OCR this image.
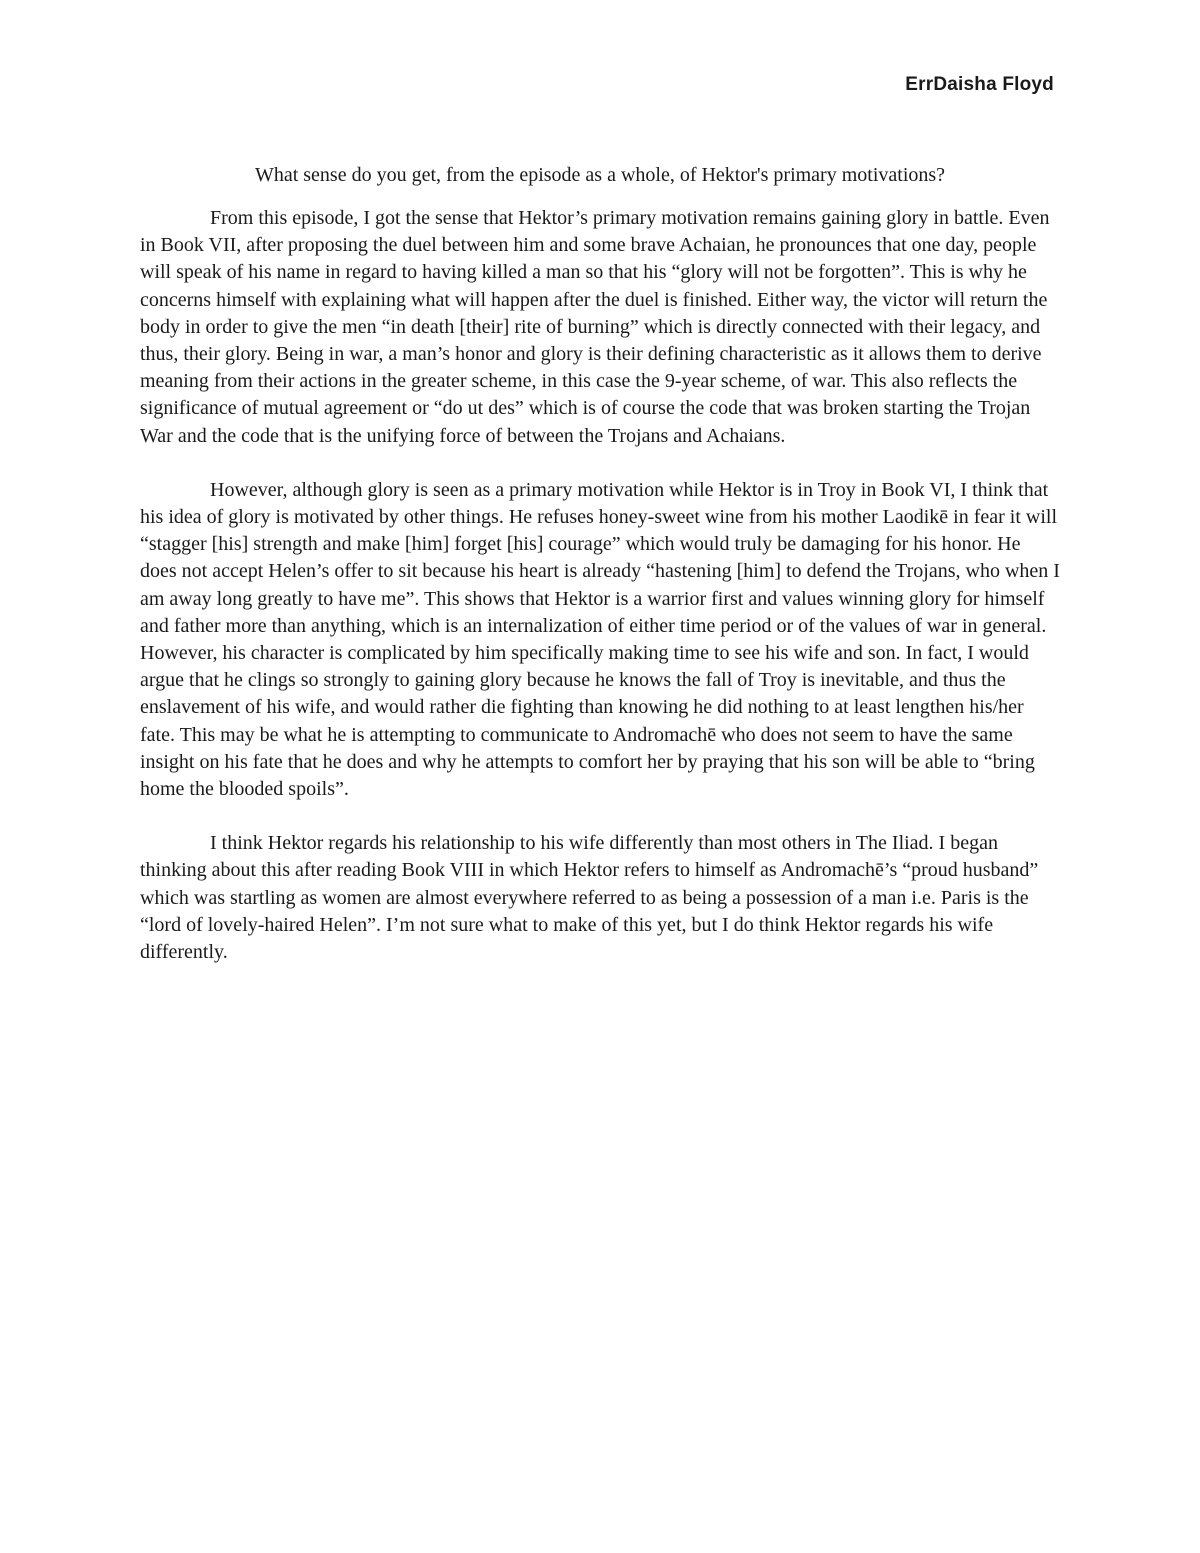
ErrDaisha Floyd
What sense do you get, from the episode as a whole, of Hektor's primary motivations?

From this episode, I got the sense that Hektor’s primary motivation remains gaining glory in battle. Even in Book VII, after proposing the duel between him and some brave Achaian, he pronounces that one day, people will speak of his name in regard to having killed a man so that his “glory will not be forgotten”. This is why he concerns himself with explaining what will happen after the duel is finished. Either way, the victor will return the body in order to give the men “in death [their] rite of burning” which is directly connected with their legacy, and thus, their glory. Being in war, a man’s honor and glory is their defining characteristic as it allows them to derive meaning from their actions in the greater scheme, in this case the 9-year scheme, of war. This also reflects the significance of mutual agreement or “do ut des” which is of course the code that was broken starting the Trojan War and the code that is the unifying force of between the Trojans and Achaians.

However, although glory is seen as a primary motivation while Hektor is in Troy in Book VI, I think that his idea of glory is motivated by other things. He refuses honey-sweet wine from his mother Laodikē in fear it will “stagger [his] strength and make [him] forget [his] courage” which would truly be damaging for his honor. He does not accept Helen’s offer to sit because his heart is already “hastening [him] to defend the Trojans, who when I am away long greatly to have me”. This shows that Hektor is a warrior first and values winning glory for himself and father more than anything, which is an internalization of either time period or of the values of war in general. However, his character is complicated by him specifically making time to see his wife and son. In fact, I would argue that he clings so strongly to gaining glory because he knows the fall of Troy is inevitable, and thus the enslavement of his wife, and would rather die fighting than knowing he did nothing to at least lengthen his/her fate. This may be what he is attempting to communicate to Andromachē who does not seem to have the same insight on his fate that he does and why he attempts to comfort her by praying that his son will be able to “bring home the blooded spoils”.

I think Hektor regards his relationship to his wife differently than most others in The Iliad. I began thinking about this after reading Book VIII in which Hektor refers to himself as Andromachē’s “proud husband” which was startling as women are almost everywhere referred to as being a possession of a man i.e. Paris is the “lord of lovely-haired Helen”. I’m not sure what to make of this yet, but I do think Hektor regards his wife differently.
